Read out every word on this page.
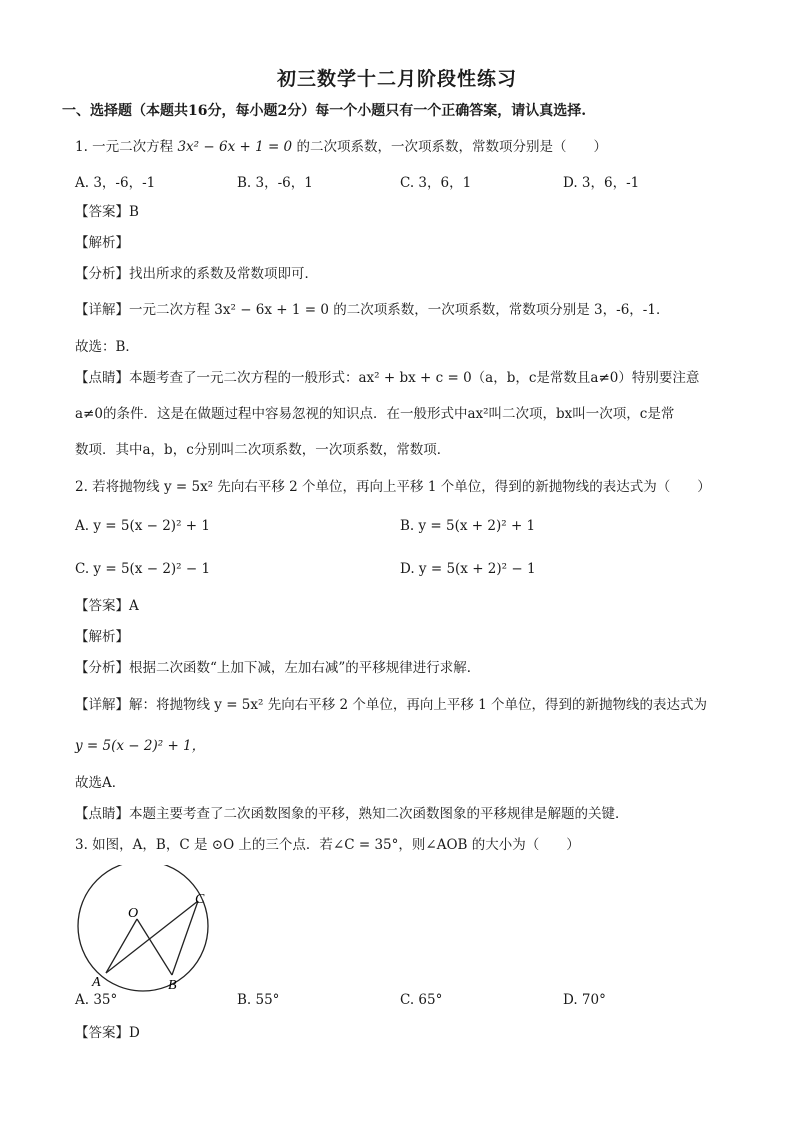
初三数学十二月阶段性练习
一、选择题（本题共16分，每小题2分）每一个小题只有一个正确答案，请认真选择.
1. 一元二次方程 3x² − 6x + 1 = 0 的二次项系数，一次项系数，常数项分别是（　　）
A. 3，-6，-1	B. 3，-6，1	C. 3，6，1	D. 3，6，-1
【答案】B
【解析】
【分析】找出所求的系数及常数项即可．
【详解】一元二次方程 3x² − 6x + 1 = 0 的二次项系数，一次项系数，常数项分别是 3，-6，-1．
故选：B．
【点睛】本题考查了一元二次方程的一般形式：ax² + bx + c = 0（a，b，c是常数且a≠0）特别要注意
a≠0的条件．这是在做题过程中容易忽视的知识点．在一般形式中ax²叫二次项，bx叫一次项，c是常
数项．其中a，b，c分别叫二次项系数，一次项系数，常数项．
2. 若将抛物线 y = 5x² 先向右平移 2 个单位，再向上平移 1 个单位，得到的新抛物线的表达式为（　　）
A. y = 5(x − 2)² + 1	B. y = 5(x + 2)² + 1
C. y = 5(x − 2)² − 1	D. y = 5(x + 2)² − 1
【答案】A
【解析】
【分析】根据二次函数“上加下减，左加右减”的平移规律进行求解．
【详解】解：将抛物线 y = 5x² 先向右平移 2 个单位，再向上平移 1 个单位，得到的新抛物线的表达式为
y = 5(x − 2)² + 1，
故选A．
【点睛】本题主要考查了二次函数图象的平移，熟知二次函数图象的平移规律是解题的关键．
3. 如图，A，B，C 是 ⊙O 上的三个点．若∠C = 35°，则∠AOB 的大小为（　　）
O
A	B
C
A. 35°	B. 55°	C. 65°	D. 70°
【答案】D
